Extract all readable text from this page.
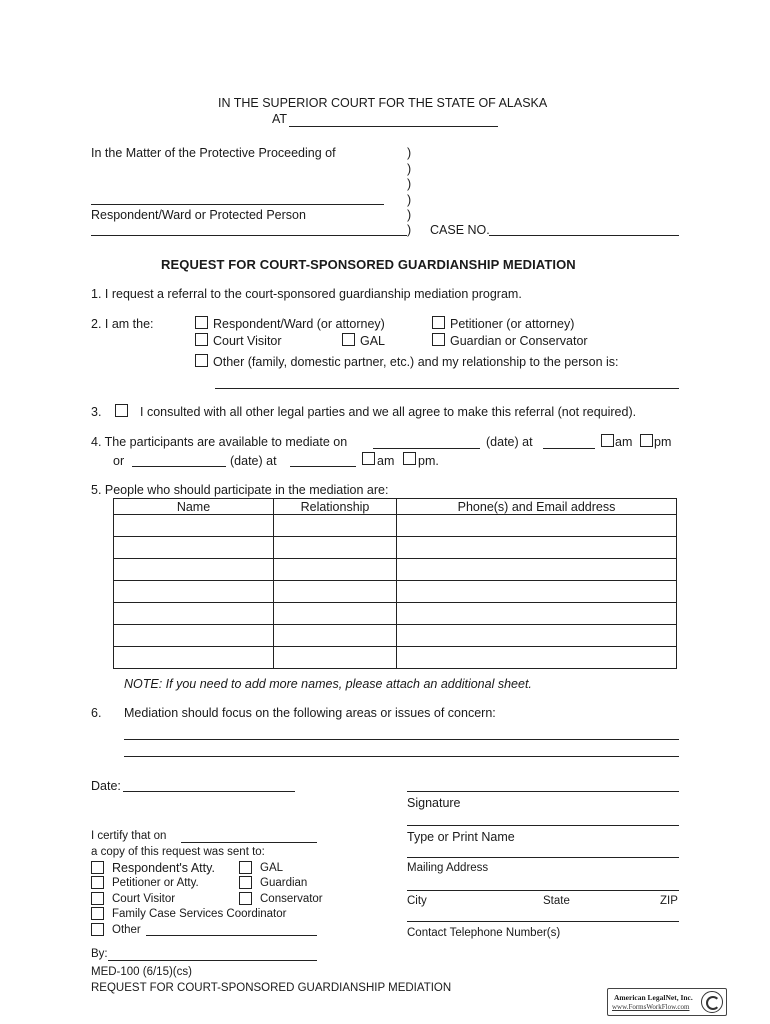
IN THE SUPERIOR COURT FOR THE STATE OF ALASKA
AT
In the Matter of the Protective Proceeding of	)
)
)
)
)
)
Respondent/Ward or Protected Person
CASE NO.
REQUEST FOR COURT-SPONSORED GUARDIANSHIP MEDIATION
1. I request a referral to the court-sponsored guardianship mediation program.
2. I am the:	Respondent/Ward (or attorney)	Petitioner (or attorney)
Court Visitor	GAL	Guardian or Conservator
Other (family, domestic partner, etc.) and my relationship to the person is:
3.	I consulted with all other legal parties and we all agree to make this referral (not required).
4. The participants are available to mediate on	(date) at	am pm
or	(date) at	am pm.
5. People who should participate in the mediation are:
Name	Relationship	Phone(s) and Email address

NOTE: If you need to add more names, please attach an additional sheet.
6. Mediation should focus on the following areas or issues of concern:
Date:
Signature
Type or Print Name
Mailing Address
City	State	ZIP
Contact Telephone Number(s)
I certify that on
a copy of this request was sent to:
Respondent's Atty.	GAL
Petitioner or Atty.	Guardian
Court Visitor	Conservator
Family Case Services Coordinator
Other
By:
MED-100 (6/15)(cs)
REQUEST FOR COURT-SPONSORED GUARDIANSHIP MEDIATION
American LegalNet, Inc.
www.FormsWorkFlow.com
